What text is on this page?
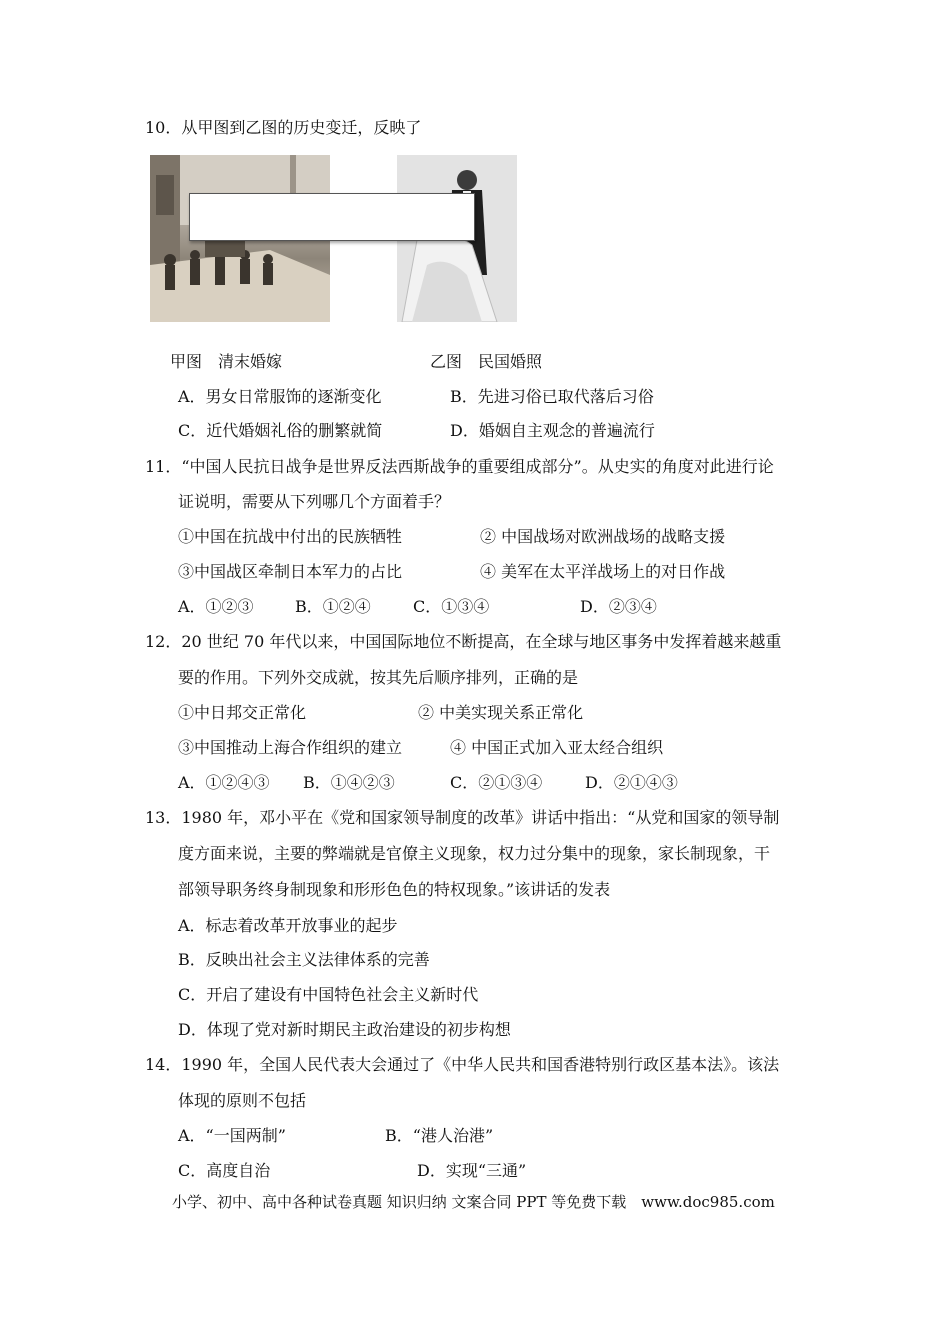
10．从甲图到乙图的历史变迁，反映了
甲图　清末婚嫁	乙图　民国婚照
A．男女日常服饰的逐渐变化	B．先进习俗已取代落后习俗
C．近代婚姻礼俗的删繁就简	D．婚姻自主观念的普遍流行
11．“中国人民抗日战争是世界反法西斯战争的重要组成部分”。从史实的角度对此进行论
证说明，需要从下列哪几个方面着手？
①中国在抗战中付出的民族牺牲	② 中国战场对欧洲战场的战略支援
③中国战区牵制日本军力的占比	④ 美军在太平洋战场上的对日作战
A．①②③	B．①②④	C．①③④	D．②③④
12．20 世纪 70 年代以来，中国国际地位不断提高，在全球与地区事务中发挥着越来越重
要的作用。下列外交成就，按其先后顺序排列，正确的是
①中日邦交正常化	② 中美实现关系正常化
③中国推动上海合作组织的建立	④ 中国正式加入亚太经合组织
A．①②④③ B．①④②③	C．②①③④	D．②①④③
13．1980 年，邓小平在《党和国家领导制度的改革》讲话中指出：“从党和国家的领导制
度方面来说，主要的弊端就是官僚主义现象，权力过分集中的现象，家长制现象，干
部领导职务终身制现象和形形色色的特权现象。”该讲话的发表
A．标志着改革开放事业的起步
B．反映出社会主义法律体系的完善
C．开启了建设有中国特色社会主义新时代
D．体现了党对新时期民主政治建设的初步构想
14．1990 年，全国人民代表大会通过了《中华人民共和国香港特别行政区基本法》。该法
体现的原则不包括
A．“一国两制”	B．“港人治港”
C．高度自治	D．实现“三通”
小学、初中、高中各种试卷真题 知识归纳 文案合同 PPT 等免费下载　www.doc985.com
